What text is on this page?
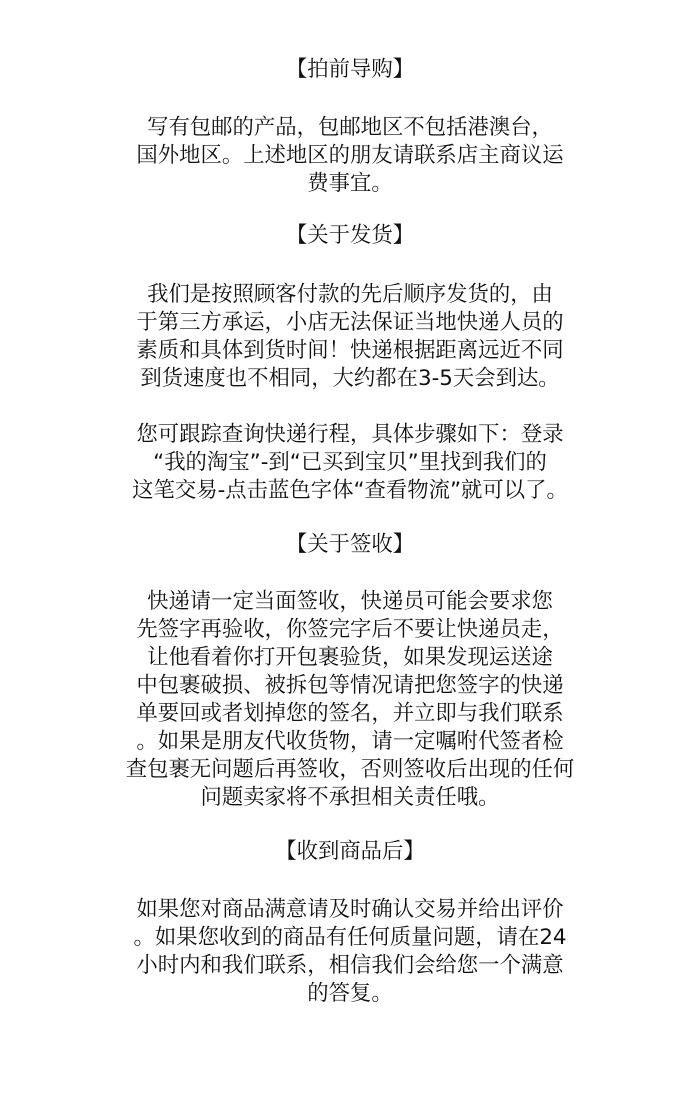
【拍前导购】
写有包邮的产品，包邮地区不包括港澳台，
国外地区。上述地区的朋友请联系店主商议运
费事宜。
【关于发货】
我们是按照顾客付款的先后顺序发货的，由
于第三方承运，小店无法保证当地快递人员的
素质和具体到货时间！快递根据距离远近不同
到货速度也不相同，大约都在3-5天会到达。
您可跟踪查询快递行程，具体步骤如下：登录
“我的淘宝”-到“已买到宝贝”里找到我们的
这笔交易-点击蓝色字体“查看物流”就可以了。
【关于签收】
快递请一定当面签收，快递员可能会要求您
先签字再验收，你签完字后不要让快递员走，
让他看着你打开包裹验货，如果发现运送途
中包裹破损、被拆包等情况请把您签字的快递
单要回或者划掉您的签名，并立即与我们联系
。如果是朋友代收货物，请一定嘱咐代签者检
查包裹无问题后再签收，否则签收后出现的任何
问题卖家将不承担相关责任哦。
【收到商品后】
如果您对商品满意请及时确认交易并给出评价
。如果您收到的商品有任何质量问题，请在24
小时内和我们联系，相信我们会给您一个满意
的答复。
